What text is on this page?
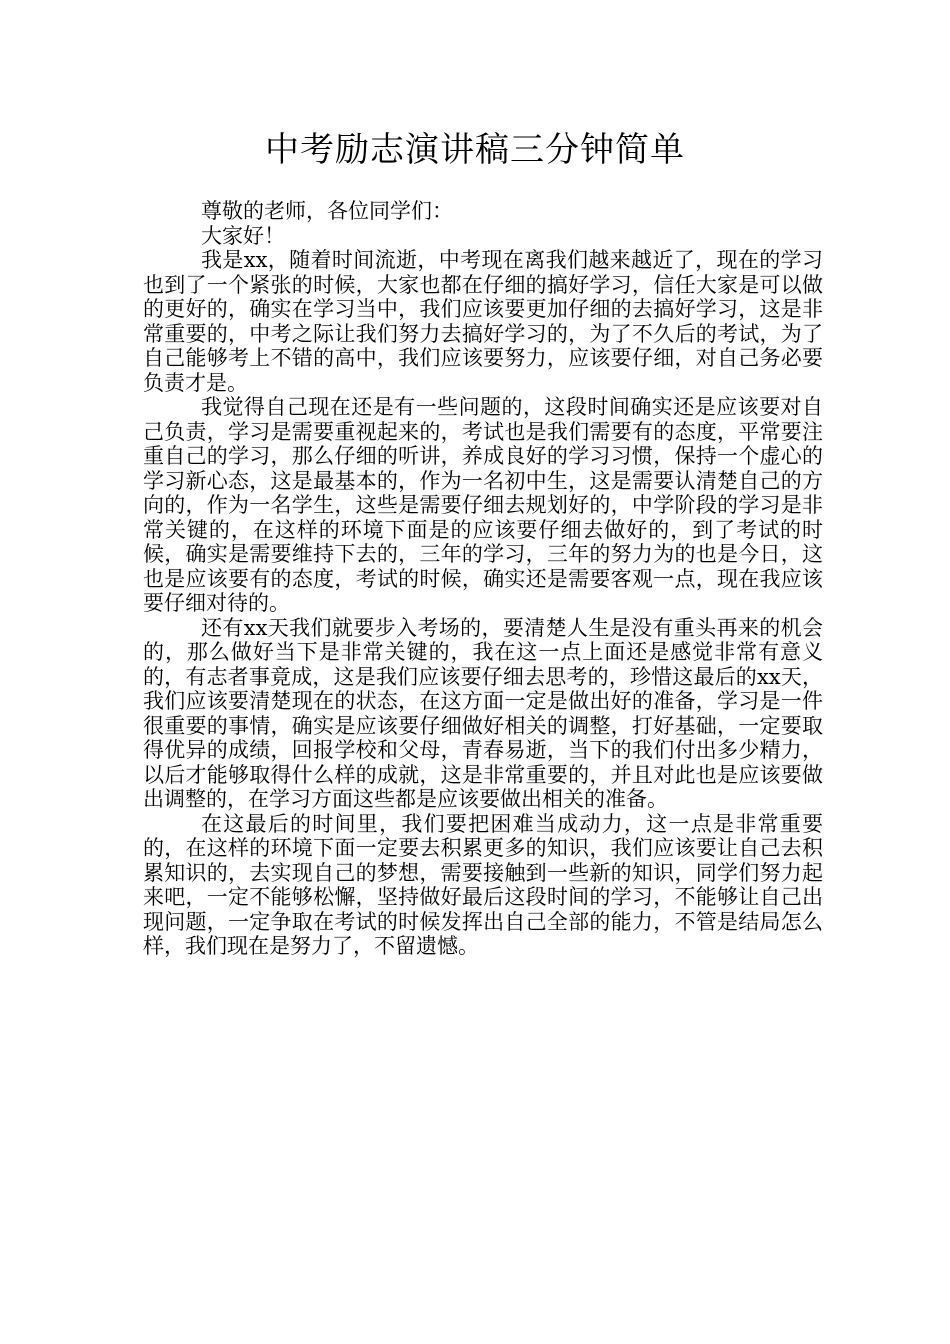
中考励志演讲稿三分钟简单

尊敬的老师，各位同学们：

大家好！

我是xx，随着时间流逝，中考现在离我们越来越近了，现在的学习也到了一个紧张的时候，大家也都在仔细的搞好学习，信任大家是可以做的更好的，确实在学习当中，我们应该要更加仔细的去搞好学习，这是非常重要的，中考之际让我们努力去搞好学习的，为了不久后的考试，为了自己能够考上不错的高中，我们应该要努力，应该要仔细，对自己务必要负责才是。

我觉得自己现在还是有一些问题的，这段时间确实还是应该要对自己负责，学习是需要重视起来的，考试也是我们需要有的态度，平常要注重自己的学习，那么仔细的听讲，养成良好的学习习惯，保持一个虚心的学习新心态，这是最基本的，作为一名初中生，这是需要认清楚自己的方向的，作为一名学生，这些是需要仔细去规划好的，中学阶段的学习是非常关键的，在这样的环境下面是的应该要仔细去做好的，到了考试的时候，确实是需要维持下去的，三年的学习，三年的努力为的也是今日，这也是应该要有的态度，考试的时候，确实还是需要客观一点，现在我应该要仔细对待的。

还有xx天我们就要步入考场的，要清楚人生是没有重头再来的机会的，那么做好当下是非常关键的，我在这一点上面还是感觉非常有意义的，有志者事竟成，这是我们应该要仔细去思考的，珍惜这最后的xx天，我们应该要清楚现在的状态，在这方面一定是做出好的准备，学习是一件很重要的事情，确实是应该要仔细做好相关的调整，打好基础，一定要取得优异的成绩，回报学校和父母，青春易逝，当下的我们付出多少精力，以后才能够取得什么样的成就，这是非常重要的，并且对此也是应该要做出调整的，在学习方面这些都是应该要做出相关的准备。

在这最后的时间里，我们要把困难当成动力，这一点是非常重要的，在这样的环境下面一定要去积累更多的知识，我们应该要让自己去积累知识的，去实现自己的梦想，需要接触到一些新的知识，同学们努力起来吧，一定不能够松懈，坚持做好最后这段时间的学习，不能够让自己出现问题，一定争取在考试的时候发挥出自己全部的能力，不管是结局怎么样，我们现在是努力了，不留遗憾。
